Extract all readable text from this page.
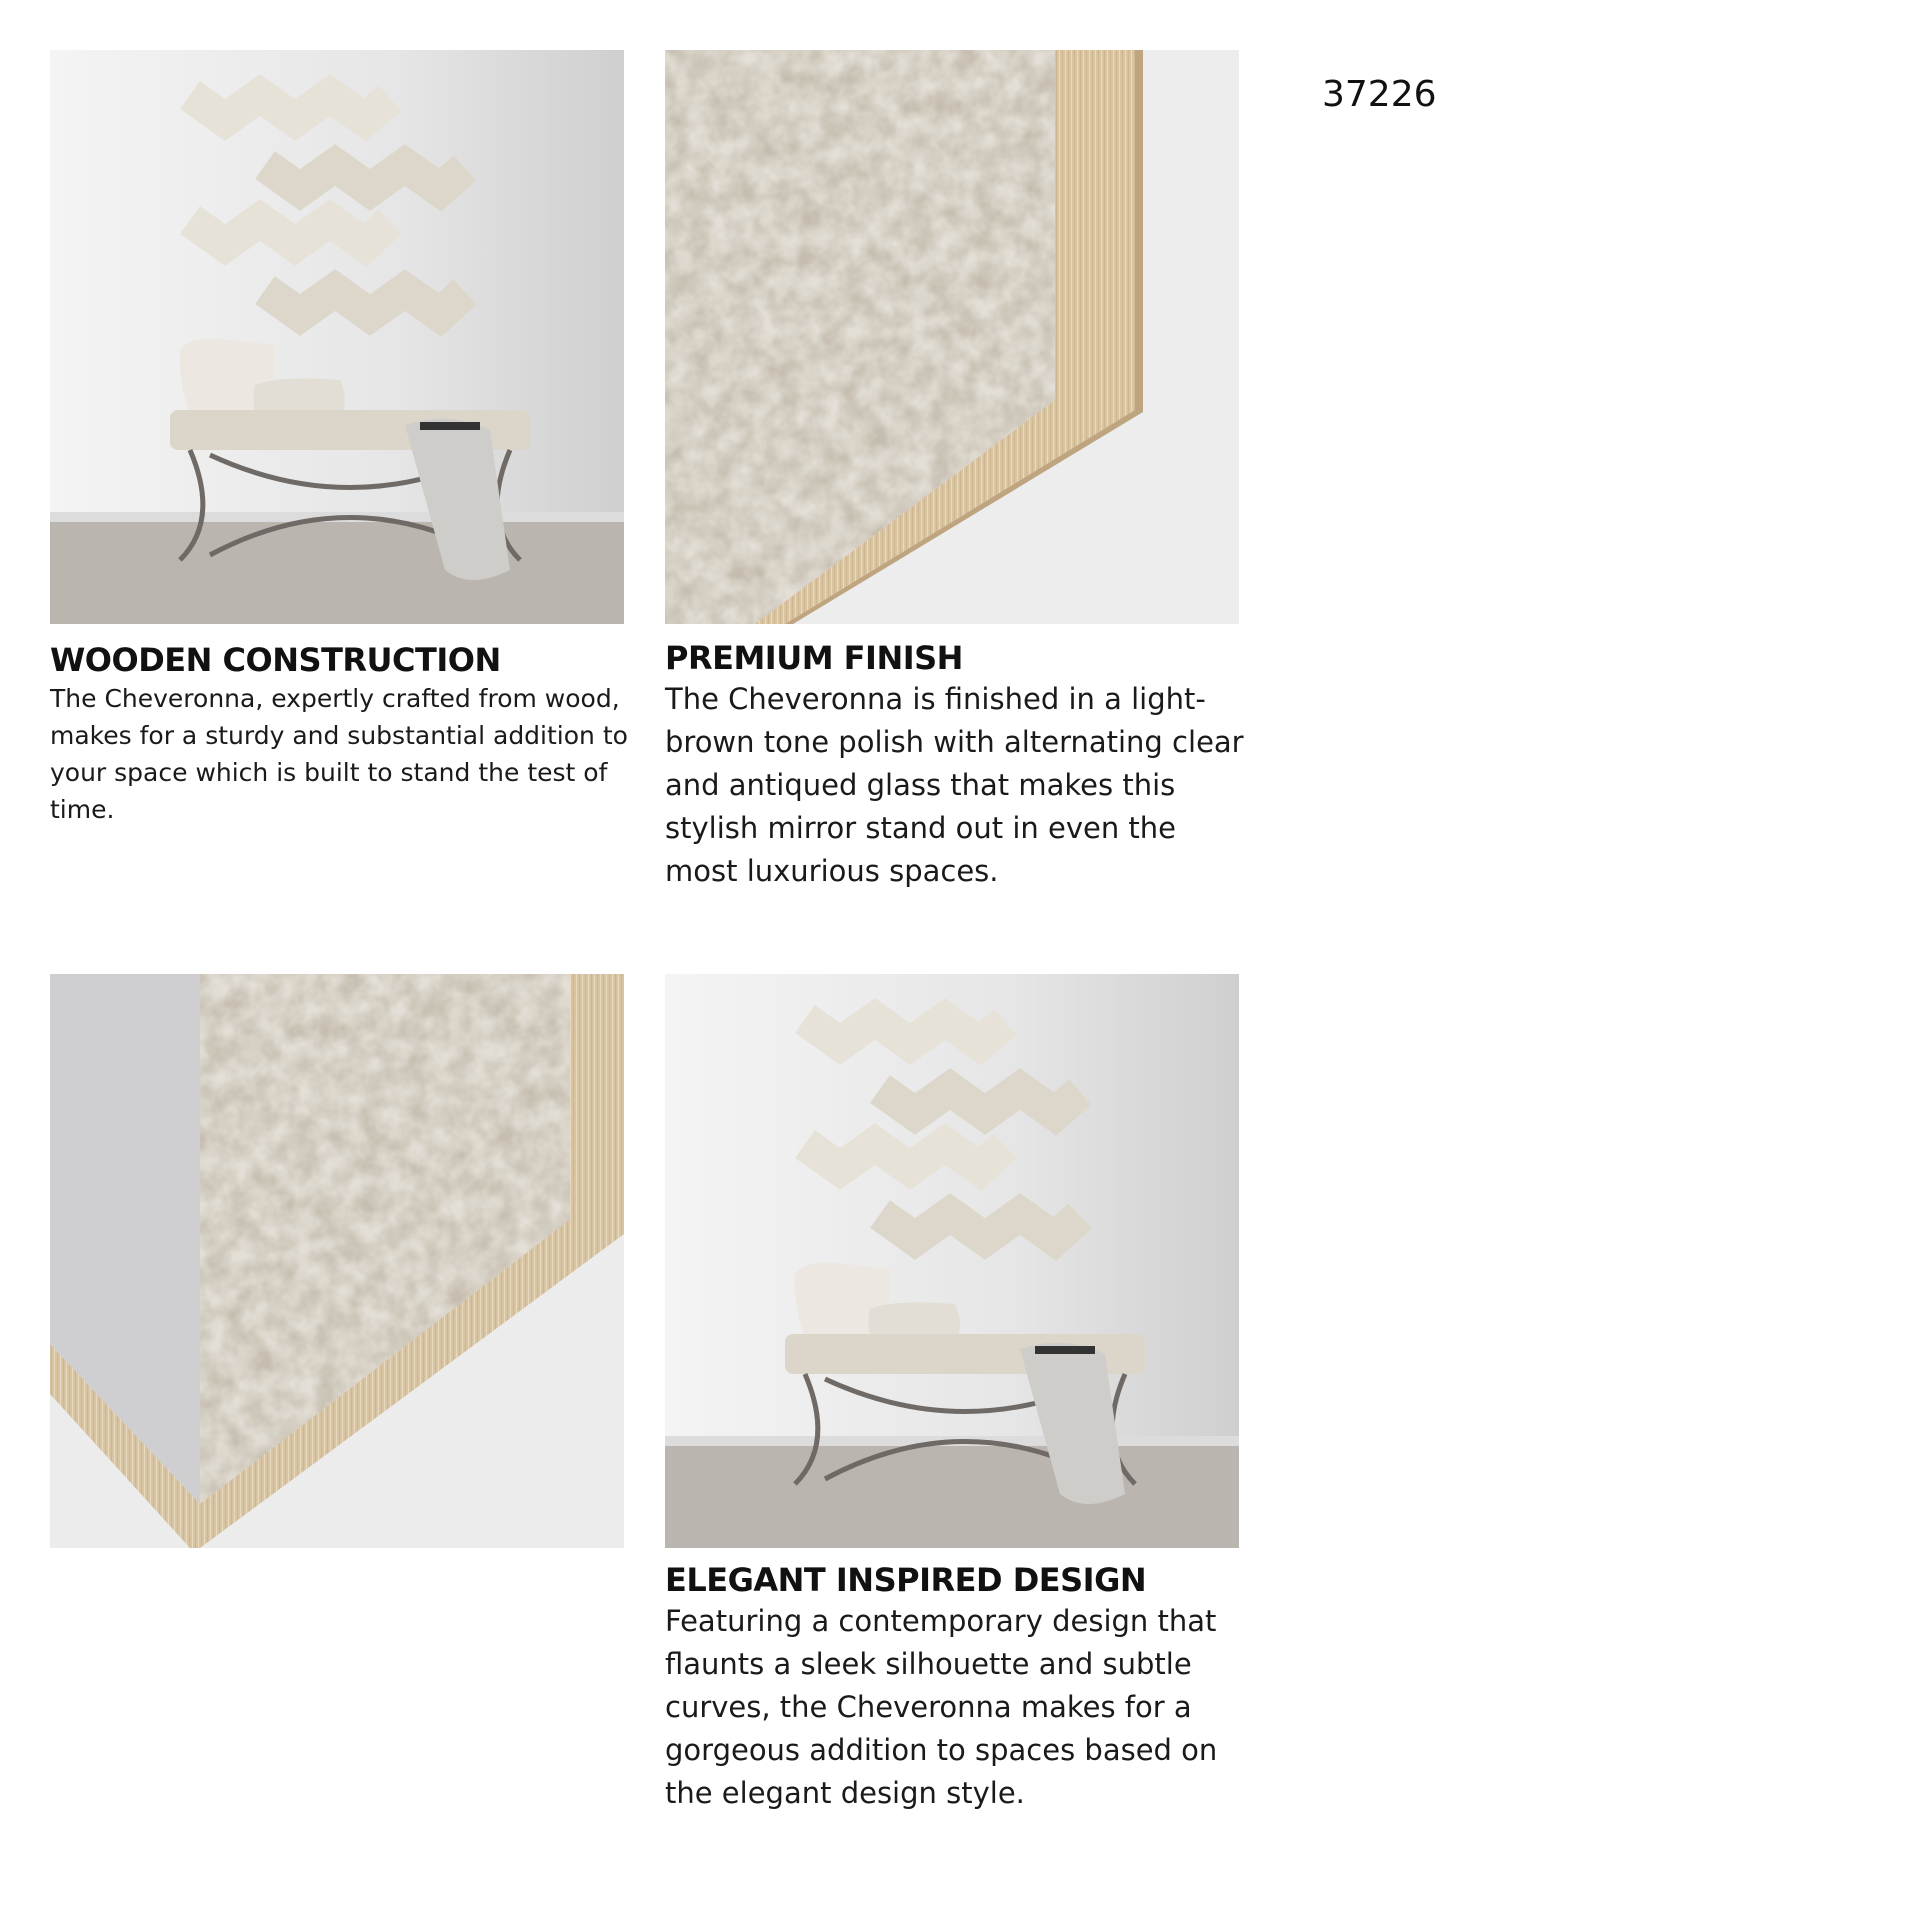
37226
WOODEN CONSTRUCTION

The Cheveronna, expertly crafted from wood, makes for a sturdy and substantial addition to your space which is built to stand the test of time.

PREMIUM FINISH

The Cheveronna is finished in a light-brown tone polish with alternating clear and antiqued glass that makes this stylish mirror stand out in even the most luxurious spaces.

ELEGANT INSPIRED DESIGN

Featuring a contemporary design that flaunts a sleek silhouette and subtle curves, the Cheveronna makes for a gorgeous addition to spaces based on the elegant design style.
